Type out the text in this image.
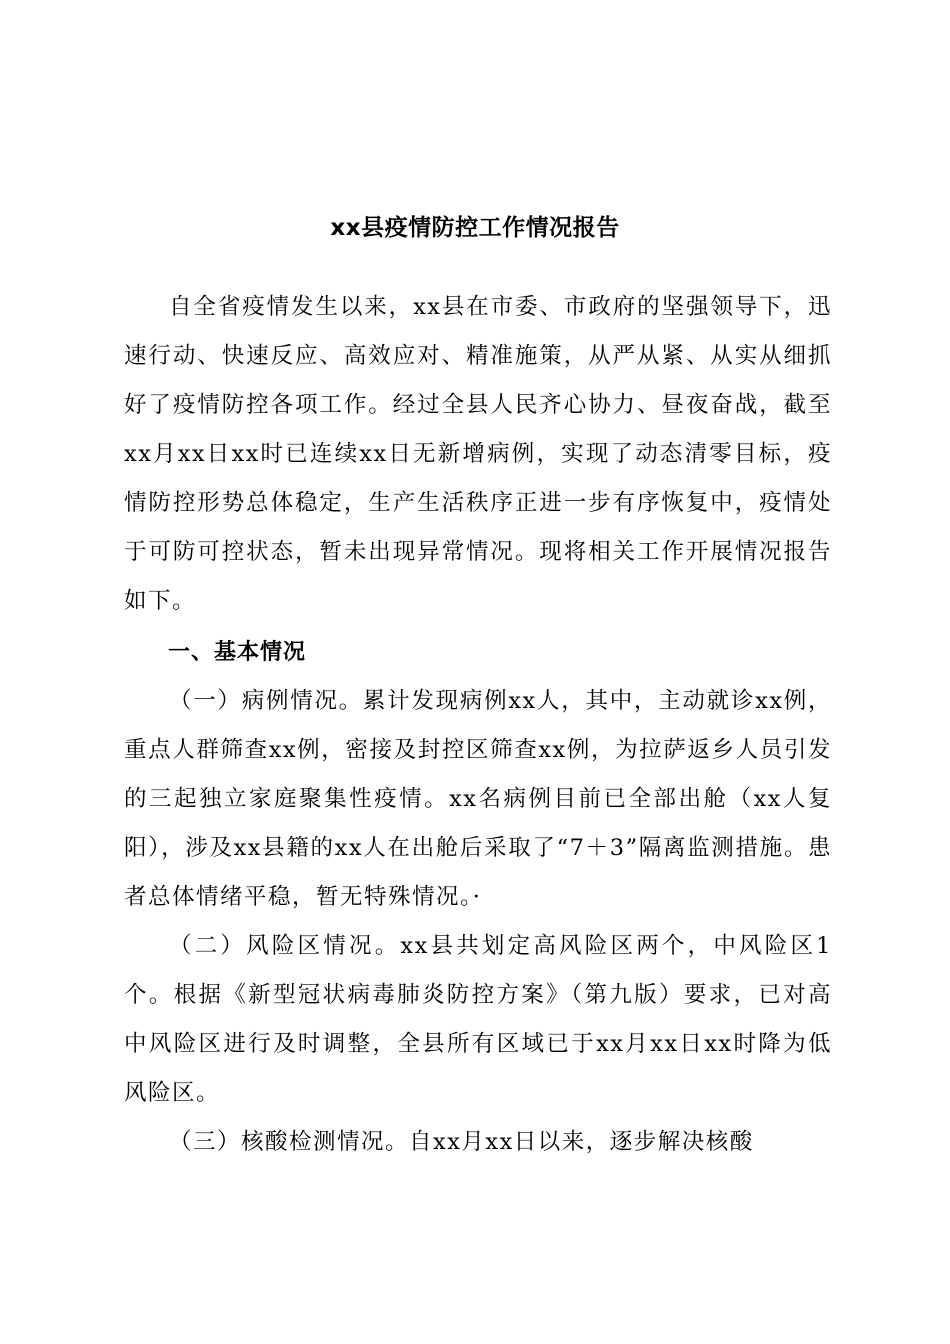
xx县疫情防控工作情况报告

自全省疫情发生以来，xx县在市委、市政府的坚强领导下，迅速行动、快速反应、高效应对、精准施策，从严从紧、从实从细抓好了疫情防控各项工作。经过全县人民齐心协力、昼夜奋战，截至xx月xx日xx时已连续xx日无新增病例，实现了动态清零目标，疫情防控形势总体稳定，生产生活秩序正进一步有序恢复中，疫情处于可防可控状态，暂未出现异常情况。现将相关工作开展情况报告如下。

一、基本情况

（一）病例情况。累计发现病例xx人，其中，主动就诊xx例，重点人群筛查xx例，密接及封控区筛查xx例，为拉萨返乡人员引发的三起独立家庭聚集性疫情。xx名病例目前已全部出舱（xx人复阳），涉及xx县籍的xx人在出舱后采取了“7＋3”隔离监测措施。患者总体情绪平稳，暂无特殊情况。·

（二）风险区情况。xx县共划定高风险区两个，中风险区1个。根据《新型冠状病毒肺炎防控方案》（第九版）要求，已对高中风险区进行及时调整，全县所有区域已于xx月xx日xx时降为低风险区。

（三）核酸检测情况。自xx月xx日以来，逐步解决核酸
